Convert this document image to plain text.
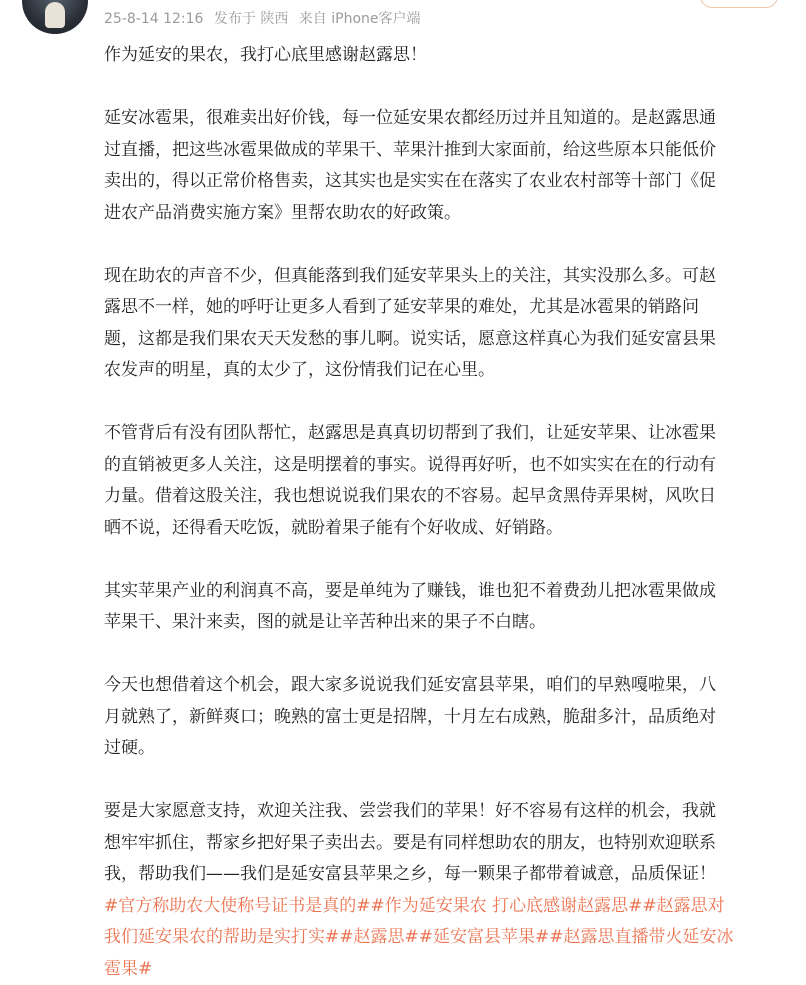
25-8-14 12:16 发布于 陕西 来自 iPhone客户端

作为延安的果农，我打心底里感谢赵露思！

延安冰雹果，很难卖出好价钱，每一位延安果农都经历过并且知道的。是赵露思通
过直播，把这些冰雹果做成的苹果干、苹果汁推到大家面前，给这些原本只能低价
卖出的，得以正常价格售卖，这其实也是实实在在落实了农业农村部等十部门《促
进农产品消费实施方案》里帮农助农的好政策。

现在助农的声音不少，但真能落到我们延安苹果头上的关注，其实没那么多。可赵
露思不一样，她的呼吁让更多人看到了延安苹果的难处，尤其是冰雹果的销路问
题，这都是我们果农天天发愁的事儿啊。说实话，愿意这样真心为我们延安富县果
农发声的明星，真的太少了，这份情我们记在心里。

不管背后有没有团队帮忙，赵露思是真真切切帮到了我们，让延安苹果、让冰雹果
的直销被更多人关注，这是明摆着的事实。说得再好听，也不如实实在在的行动有
力量。借着这股关注，我也想说说我们果农的不容易。起早贪黑侍弄果树，风吹日
晒不说，还得看天吃饭，就盼着果子能有个好收成、好销路。

其实苹果产业的利润真不高，要是单纯为了赚钱，谁也犯不着费劲儿把冰雹果做成
苹果干、果汁来卖，图的就是让辛苦种出来的果子不白瞎。

今天也想借着这个机会，跟大家多说说我们延安富县苹果，咱们的早熟嘎啦果，八
月就熟了，新鲜爽口；晚熟的富士更是招牌，十月左右成熟，脆甜多汁，品质绝对
过硬。

要是大家愿意支持，欢迎关注我、尝尝我们的苹果！好不容易有这样的机会，我就
想牢牢抓住，帮家乡把好果子卖出去。要是有同样想助农的朋友，也特别欢迎联系
我，帮助我们——我们是延安富县苹果之乡，每一颗果子都带着诚意，品质保证！

#官方称助农大使称号证书是真的##作为延安果农 打心底感谢赵露思##赵露思对
我们延安果农的帮助是实打实##赵露思##延安富县苹果##赵露思直播带火延安冰
雹果#
